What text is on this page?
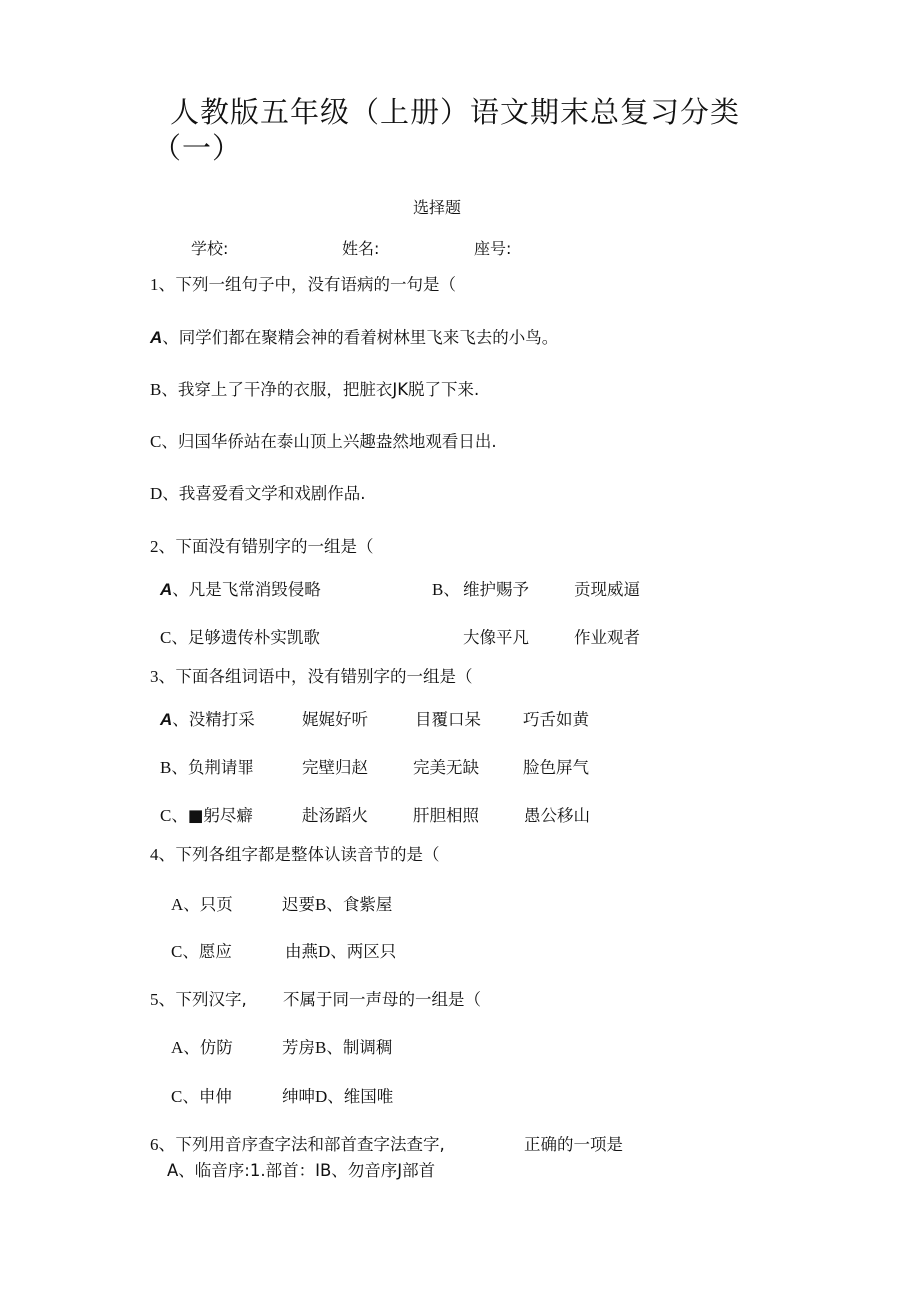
人教版五年级（上册）语文期末总复习分类
（一）
选择题
学校:	姓名:	座号:
1、下列一组句子中，没有语病的一句是（
A、同学们都在聚精会神的看着树林里飞来飞去的小鸟。
B、我穿上了干净的衣服，把脏衣JK脱了下来.
C、归国华侨站在泰山顶上兴趣盎然地观看日出.
D、我喜爱看文学和戏剧作品.
2、下面没有错别字的一组是（
A、凡是飞常消毁侵略	B、 维护赐予	贡现威逼
C、足够遗传朴实凯歌	大像平凡	作业观者
3、下面各组词语中，没有错别字的一组是（
A、没精打采	娓娓好听	目覆口呆	巧舌如黄
B、负荆请罪	完壁归赵	完美无缺	脸色屏气
C、■躬尽癖	赴汤蹈火	肝胆相照	愚公移山
4、下列各组字都是整体认读音节的是（
A、只页	迟要B、食紫屋
C、愿应	由燕D、两区只
5、下列汉字, 不属于同一声母的一组是（
A、仿防	芳房B、制调稠
C、申伸	绅呻D、维国唯
6、下列用音序查字法和部首查字法查字,	正确的一项是
A、临音序:1.部首：IB、勿音序J部首
